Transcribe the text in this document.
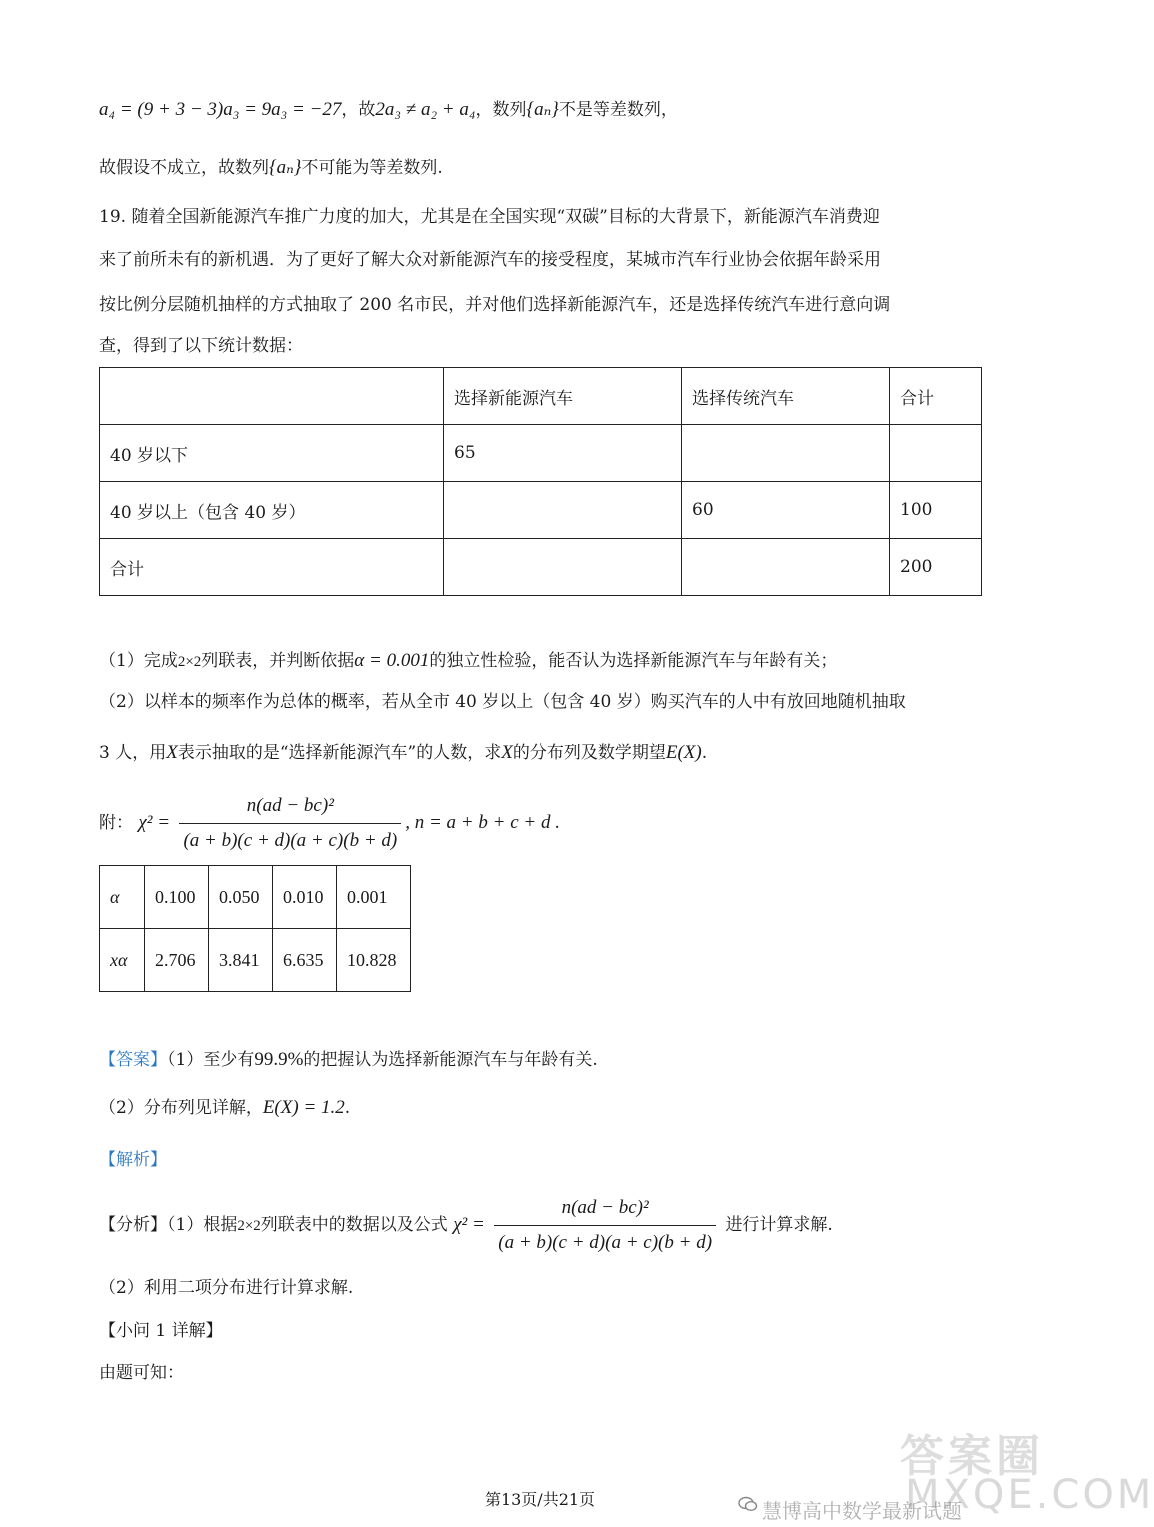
a₄ = (9 + 3 − 3)a₃ = 9a₃ = −27，故2a₃ ≠ a₂ + a₄，数列{aₙ}不是等差数列，
故假设不成立，故数列{aₙ}不可能为等差数列.
19. 随着全国新能源汽车推广力度的加大，尤其是在全国实现“双碳”目标的大背景下，新能源汽车消费迎
来了前所未有的新机遇．为了更好了解大众对新能源汽车的接受程度，某城市汽车行业协会依据年龄采用
按比例分层随机抽样的方式抽取了 200 名市民，并对他们选择新能源汽车，还是选择传统汽车进行意向调
查，得到了以下统计数据：
	选择新能源汽车	选择传统汽车	合计
40 岁以下	65		
40 岁以上（包含 40 岁）		60	100
合计			200
（1）完成2×2列联表，并判断依据α = 0.001的独立性检验，能否认为选择新能源汽车与年龄有关；
（2）以样本的频率作为总体的概率，若从全市 40 岁以上（包含 40 岁）购买汽车的人中有放回地随机抽取
3 人，用X表示抽取的是“选择新能源汽车”的人数，求X的分布列及数学期望E(X).
附： $\chi^2 = \frac{\text{n(ad − bc)²}}{(a + b)(c + d)(a + c)(b + d)}$ , n = a + b + c + d .
α	0.100	0.050	0.010	0.001
xα	2.706	3.841	6.635	10.828
【答案】（1）至少有99.9%的把握认为选择新能源汽车与年龄有关.
（2）分布列见详解，E(X) = 1.2.
【解析】
【分析】（1）根据2×2列联表中的数据以及公式 $\chi^2 = \frac{\text{n(ad − bc)²}}{(a + b)(c + d)(a + c)(b + d)}$ 进行计算求解.
（2）利用二项分布进行计算求解.
【小问 1 详解】
由题可知：
答案圈
MXQE.COM
慧博高中数学最新试题
第13页/共21页
